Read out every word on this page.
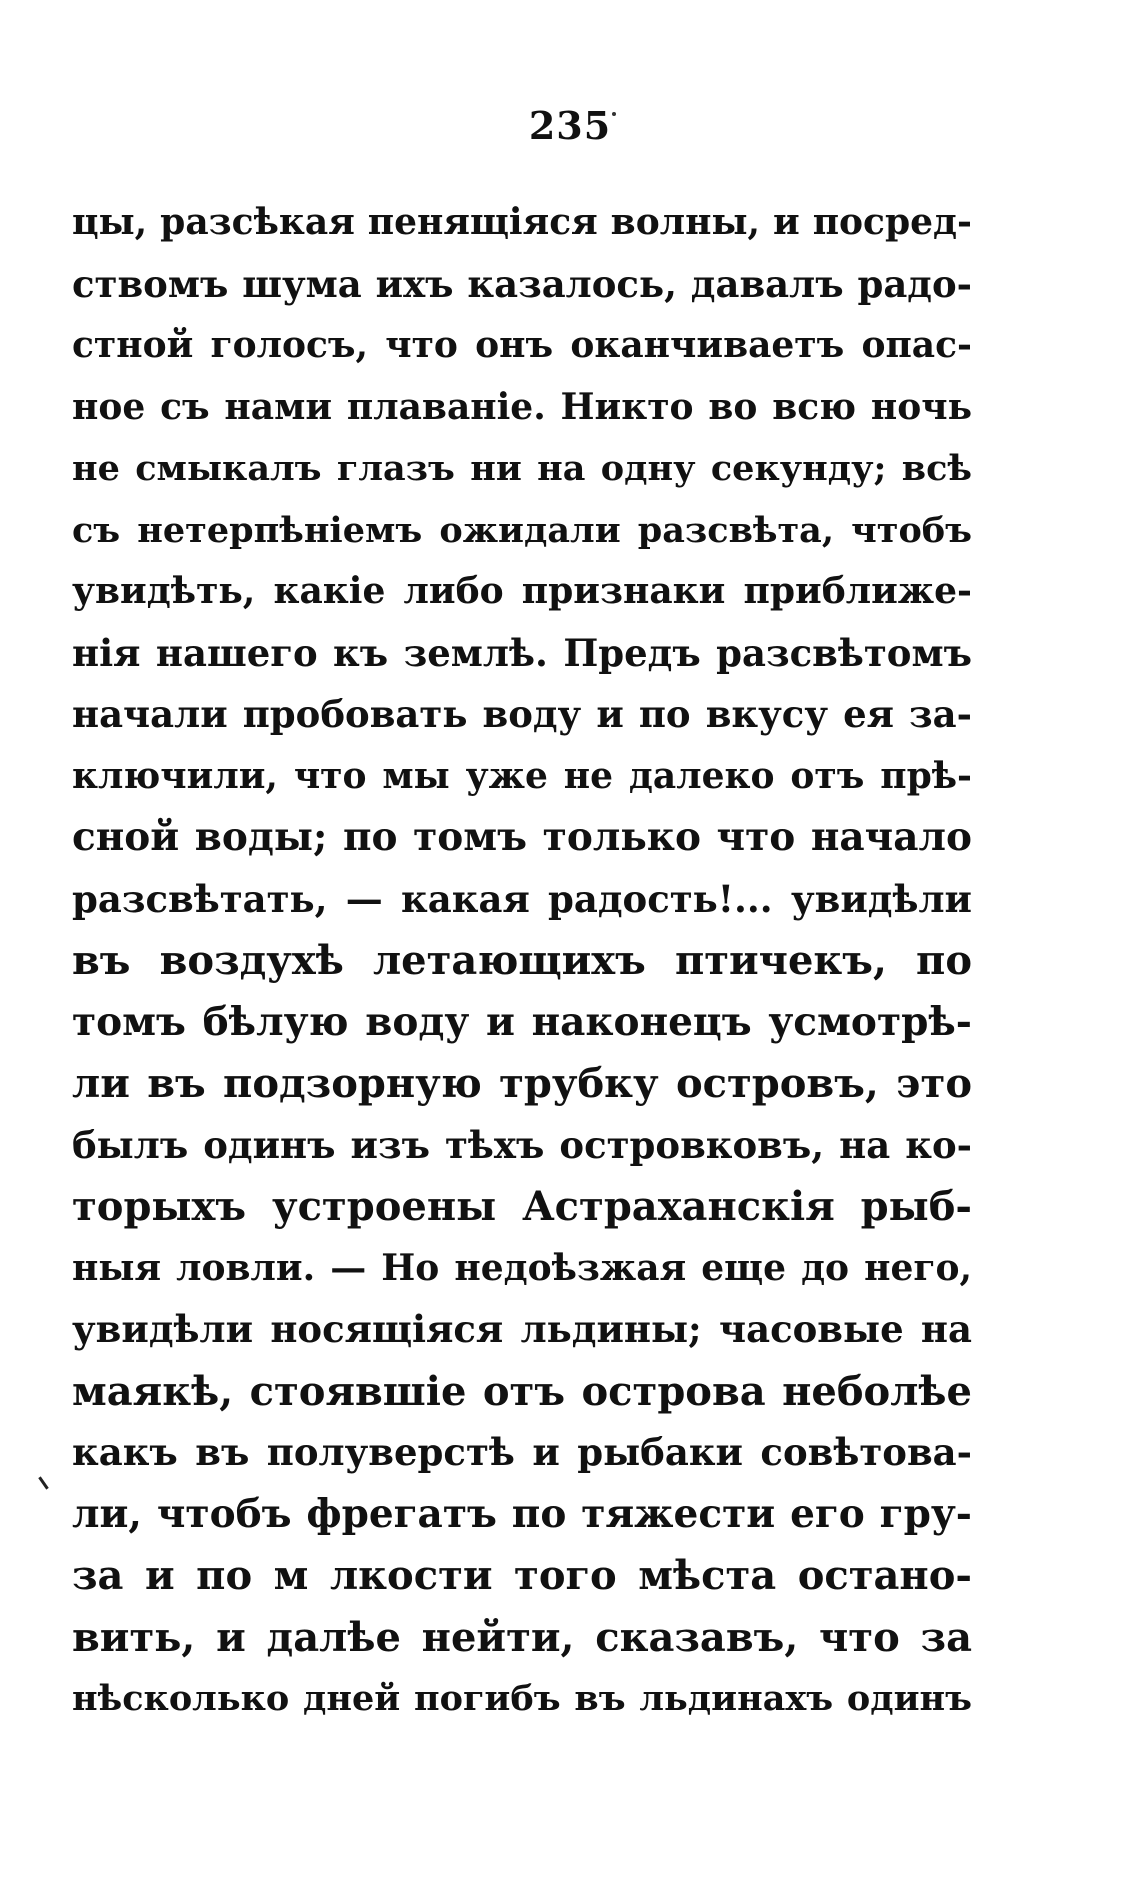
235
цы, разсѣкая пенящіяся волны, и посред-
ствомъ шума ихъ казалось, давалъ радо-
стной голосъ, что онъ оканчиваетъ опас-
ное съ нами плаваніе. Никто во всю ночь
не смыкалъ глазъ ни на одну секунду; всѣ
съ нетерпѣніемъ ожидали разсвѣта, чтобъ
увидѣть, какіе либо признаки приближе-
нія нашего къ землѣ. Предъ разсвѣтомъ
начали пробовать воду и по вкусу ея за-
ключили, что мы уже не далеко отъ прѣ-
сной воды; по томъ только что начало
разсвѣтать, — какая радость!... увидѣли
въ воздухѣ летающихъ птичекъ, по
томъ бѣлую воду и наконецъ усмотрѣ-
ли въ подзорную трубку островъ, это
былъ одинъ изъ тѣхъ островковъ, на ко-
торыхъ устроены Астраханскія рыб-
ныя ловли. — Но недоѣзжая еще до него,
увидѣли носящіяся льдины; часовые на
маякѣ, стоявшіе отъ острова неболѣе
какъ въ полуверстѣ и рыбаки совѣтова-
ли, чтобъ фрегатъ по тяжести его гру-
за и по м лкости того мѣста остано-
вить, и далѣе нейти, сказавъ, что за
нѣсколько дней погибъ въ льдинахъ одинъ
